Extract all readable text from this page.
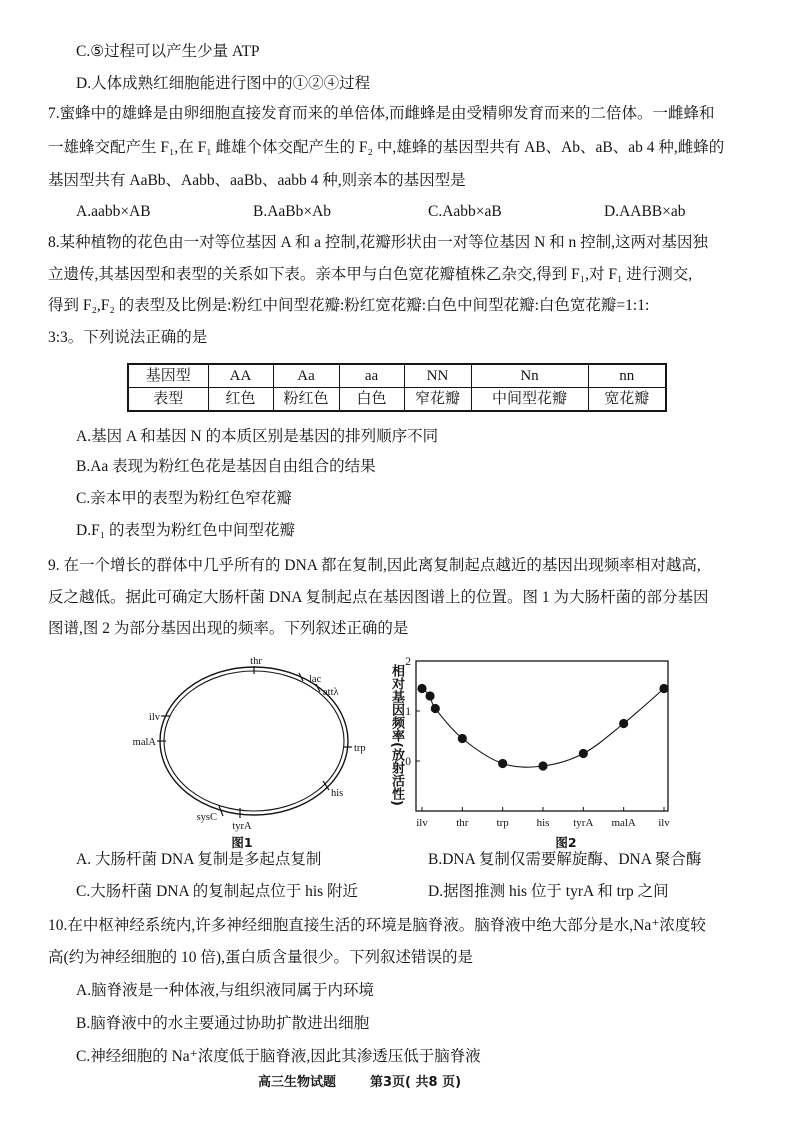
C.⑤过程可以产生少量 ATP
D.人体成熟红细胞能进行图中的①②④过程
7.蜜蜂中的雄蜂是由卵细胞直接发育而来的单倍体,而雌蜂是由受精卵发育而来的二倍体。一雌蜂和
一雄蜂交配产生 F₁,在 F₁ 雌雄个体交配产生的 F₂ 中,雄蜂的基因型共有 AB、Ab、aB、ab 4 种,雌蜂的
基因型共有 AaBb、Aabb、aaBb、aabb 4 种,则亲本的基因型是
A.aabb×AB	B.AaBb×Ab	C.Aabb×aB	D.AABB×ab
8.某种植物的花色由一对等位基因 A 和 a 控制,花瓣形状由一对等位基因 N 和 n 控制,这两对基因独
立遗传,其基因型和表型的关系如下表。亲本甲与白色宽花瓣植株乙杂交,得到 F₁,对 F₁ 进行测交,
得到 F₂,F₂ 的表型及比例是:粉红中间型花瓣:粉红宽花瓣:白色中间型花瓣:白色宽花瓣=1:1:
3:3。下列说法正确的是
基因型	AA	Aa	aa	NN	Nn	nn
表型	红色	粉红色	白色	窄花瓣	中间型花瓣	宽花瓣
A.基因 A 和基因 N 的本质区别是基因的排列顺序不同
B.Aa 表现为粉红色花是基因自由组合的结果
C.亲本甲的表型为粉红色窄花瓣
D.F₁ 的表型为粉红色中间型花瓣
9. 在一个增长的群体中几乎所有的 DNA 都在复制,因此离复制起点越近的基因出现频率相对越高,
反之越低。据此可确定大肠杆菌 DNA 复制起点在基因图谱上的位置。图 1 为大肠杆菌的部分基因
图谱,图 2 为部分基因出现的频率。下列叙述正确的是
thr
lac
attλ
trp
his
tyrA
sysC
malA
ilv
图1
相对基因频率(放射活性)
2
1
0
ilv	thr	trp	his tyrA malA ilv
图2
A. 大肠杆菌 DNA 复制是多起点复制	B.DNA 复制仅需要解旋酶、DNA 聚合酶
C.大肠杆菌 DNA 的复制起点位于 his 附近	D.据图推测 his 位于 tyrA 和 trp 之间
10.在中枢神经系统内,许多神经细胞直接生活的环境是脑脊液。脑脊液中绝大部分是水,Na⁺浓度较
高(约为神经细胞的 10 倍),蛋白质含量很少。下列叙述错误的是
A.脑脊液是一种体液,与组织液同属于内环境
B.脑脊液中的水主要通过协助扩散进出细胞
C.神经细胞的 Na⁺浓度低于脑脊液,因此其渗透压低于脑脊液
高三生物试题	第3页( 共8 页)
